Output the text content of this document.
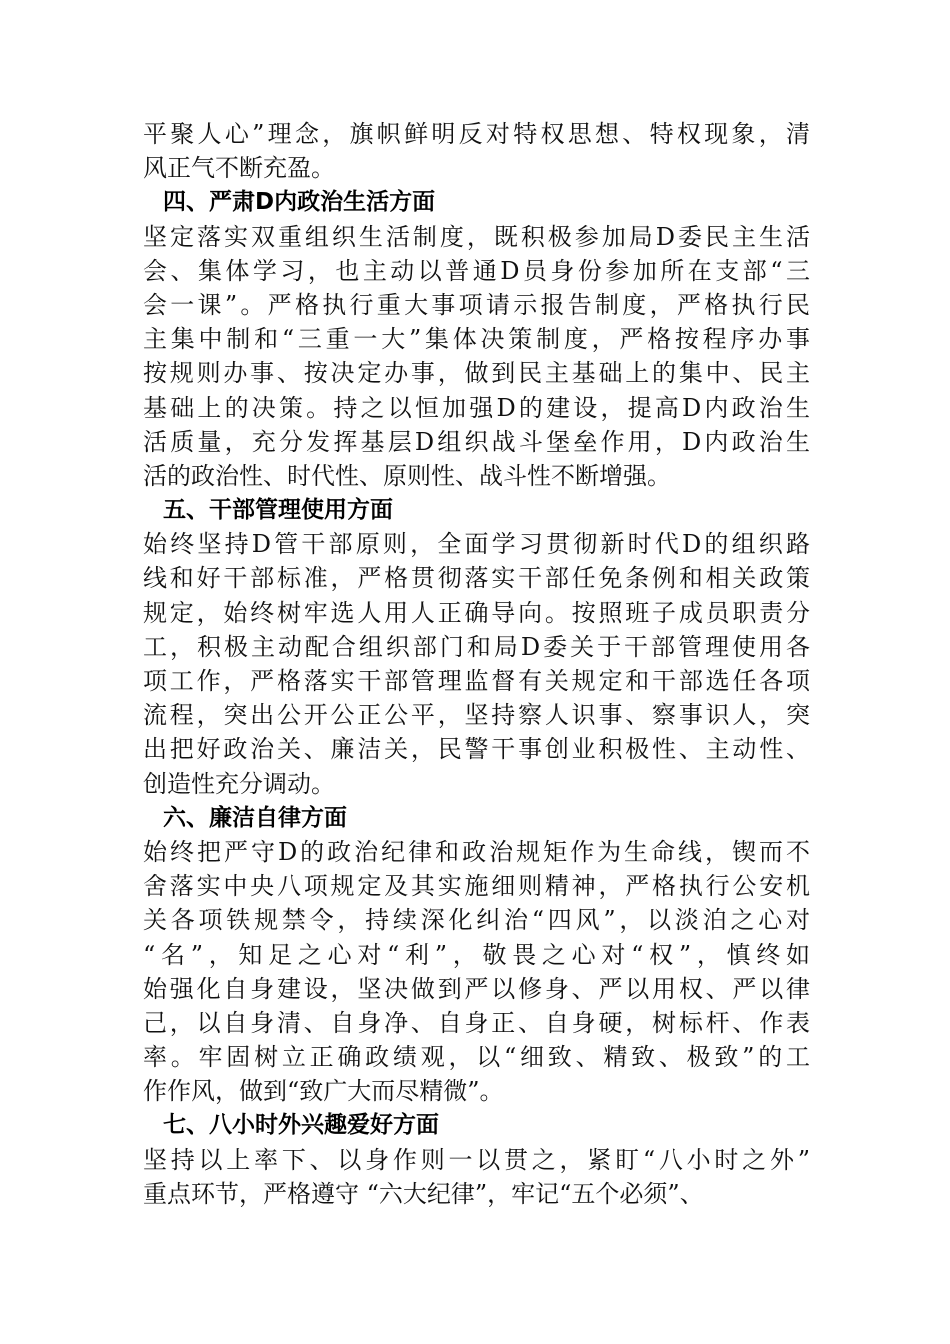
平聚人心”理念，旗帜鲜明反对特权思想、特权现象，清
风正气不断充盈。
四、严肃D内政治生活方面
坚定落实双重组织生活制度，既积极参加局D委民主生活
会、集体学习，也主动以普通D员身份参加所在支部“三
会一课”。严格执行重大事项请示报告制度，严格执行民
主集中制和“三重一大”集体决策制度，严格按程序办事
按规则办事、按决定办事，做到民主基础上的集中、民主
基础上的决策。持之以恒加强D的建设，提高D内政治生
活质量，充分发挥基层D组织战斗堡垒作用，D内政治生
活的政治性、时代性、原则性、战斗性不断增强。
五、干部管理使用方面
始终坚持D管干部原则，全面学习贯彻新时代D的组织路
线和好干部标准，严格贯彻落实干部任免条例和相关政策
规定，始终树牢选人用人正确导向。按照班子成员职责分
工，积极主动配合组织部门和局D委关于干部管理使用各
项工作，严格落实干部管理监督有关规定和干部选任各项
流程，突出公开公正公平，坚持察人识事、察事识人，突
出把好政治关、廉洁关，民警干事创业积极性、主动性、
创造性充分调动。
六、廉洁自律方面
始终把严守D的政治纪律和政治规矩作为生命线，锲而不
舍落实中央八项规定及其实施细则精神，严格执行公安机
关各项铁规禁令，持续深化纠治“四风”，以淡泊之心对
“名”，知足之心对“利”，敬畏之心对“权”，慎终如
始强化自身建设，坚决做到严以修身、严以用权、严以律
己，以自身清、自身净、自身正、自身硬，树标杆、作表
率。牢固树立正确政绩观，以“细致、精致、极致”的工
作作风，做到“致广大而尽精微”。
七、八小时外兴趣爱好方面
坚持以上率下、以身作则一以贯之，紧盯“八小时之外”
重点环节，严格遵守 “六大纪律”，牢记“五个必须”、
